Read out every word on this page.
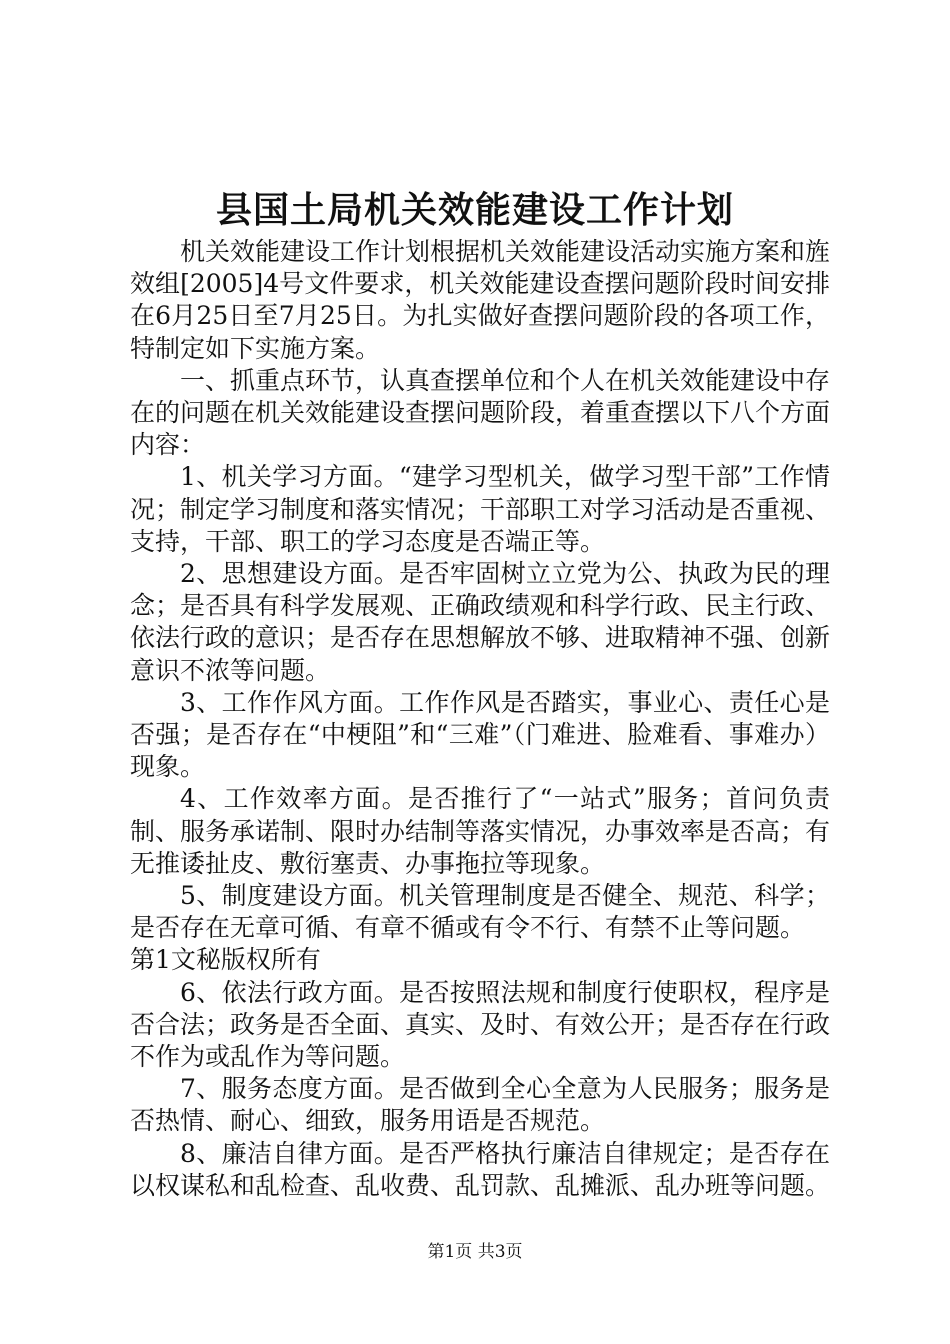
县国土局机关效能建设工作计划

机关效能建设工作计划根据机关效能建设活动实施方案和旌效组[2005]4号文件要求，机关效能建设查摆问题阶段时间安排在6月25日至7月25日。为扎实做好查摆问题阶段的各项工作，特制定如下实施方案。

一、抓重点环节，认真查摆单位和个人在机关效能建设中存在的问题在机关效能建设查摆问题阶段，着重查摆以下八个方面内容：

1、机关学习方面。“建学习型机关，做学习型干部”工作情况；制定学习制度和落实情况；干部职工对学习活动是否重视、支持，干部、职工的学习态度是否端正等。

2、思想建设方面。是否牢固树立立党为公、执政为民的理念；是否具有科学发展观、正确政绩观和科学行政、民主行政、依法行政的意识；是否存在思想解放不够、进取精神不强、创新意识不浓等问题。

3、工作作风方面。工作作风是否踏实，事业心、责任心是否强；是否存在“中梗阻”和“三难”（门难进、脸难看、事难办）现象。

4、工作效率方面。是否推行了“一站式”服务；首问负责制、服务承诺制、限时办结制等落实情况，办事效率是否高；有无推诿扯皮、敷衍塞责、办事拖拉等现象。

5、制度建设方面。机关管理制度是否健全、规范、科学；是否存在无章可循、有章不循或有令不行、有禁不止等问题。

第1文秘版权所有

6、依法行政方面。是否按照法规和制度行使职权，程序是否合法；政务是否全面、真实、及时、有效公开；是否存在行政不作为或乱作为等问题。

7、服务态度方面。是否做到全心全意为人民服务；服务是否热情、耐心、细致，服务用语是否规范。

8、廉洁自律方面。是否严格执行廉洁自律规定；是否存在以权谋私和乱检查、乱收费、乱罚款、乱摊派、乱办班等问题。

第1页 共3页
